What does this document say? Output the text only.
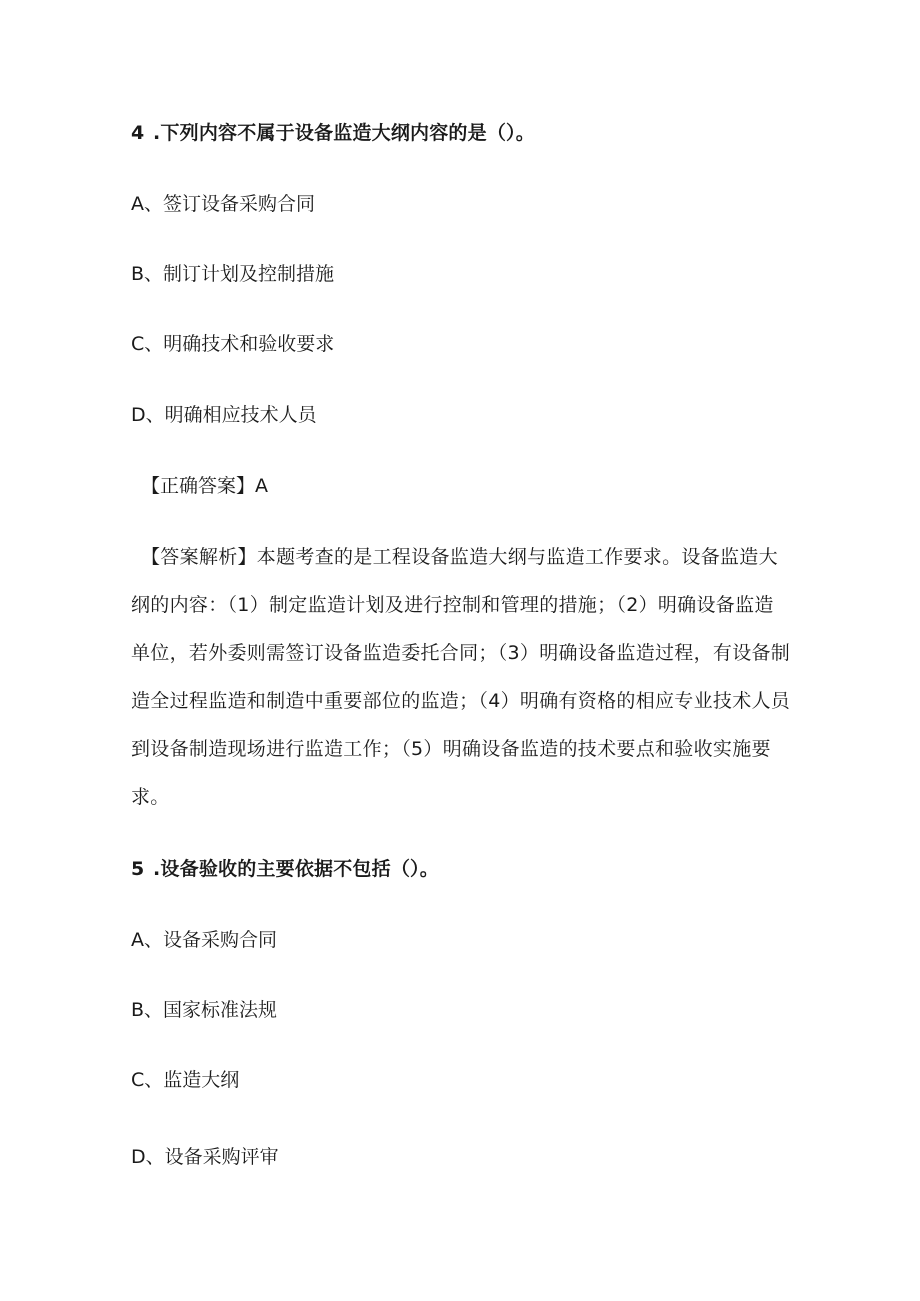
4 .下列内容不属于设备监造大纲内容的是（）。
A、签订设备采购合同
B、制订计划及控制措施
C、明确技术和验收要求
D、明确相应技术人员
【正确答案】A
【答案解析】本题考查的是工程设备监造大纲与监造工作要求。设备监造大纲的内容：（1）制定监造计划及进行控制和管理的措施；（2）明确设备监造单位，若外委则需签订设备监造委托合同；（3）明确设备监造过程，有设备制造全过程监造和制造中重要部位的监造；（4）明确有资格的相应专业技术人员到设备制造现场进行监造工作；（5）明确设备监造的技术要点和验收实施要求。
5 .设备验收的主要依据不包括（）。
A、设备采购合同
B、国家标准法规
C、监造大纲
D、设备采购评审
